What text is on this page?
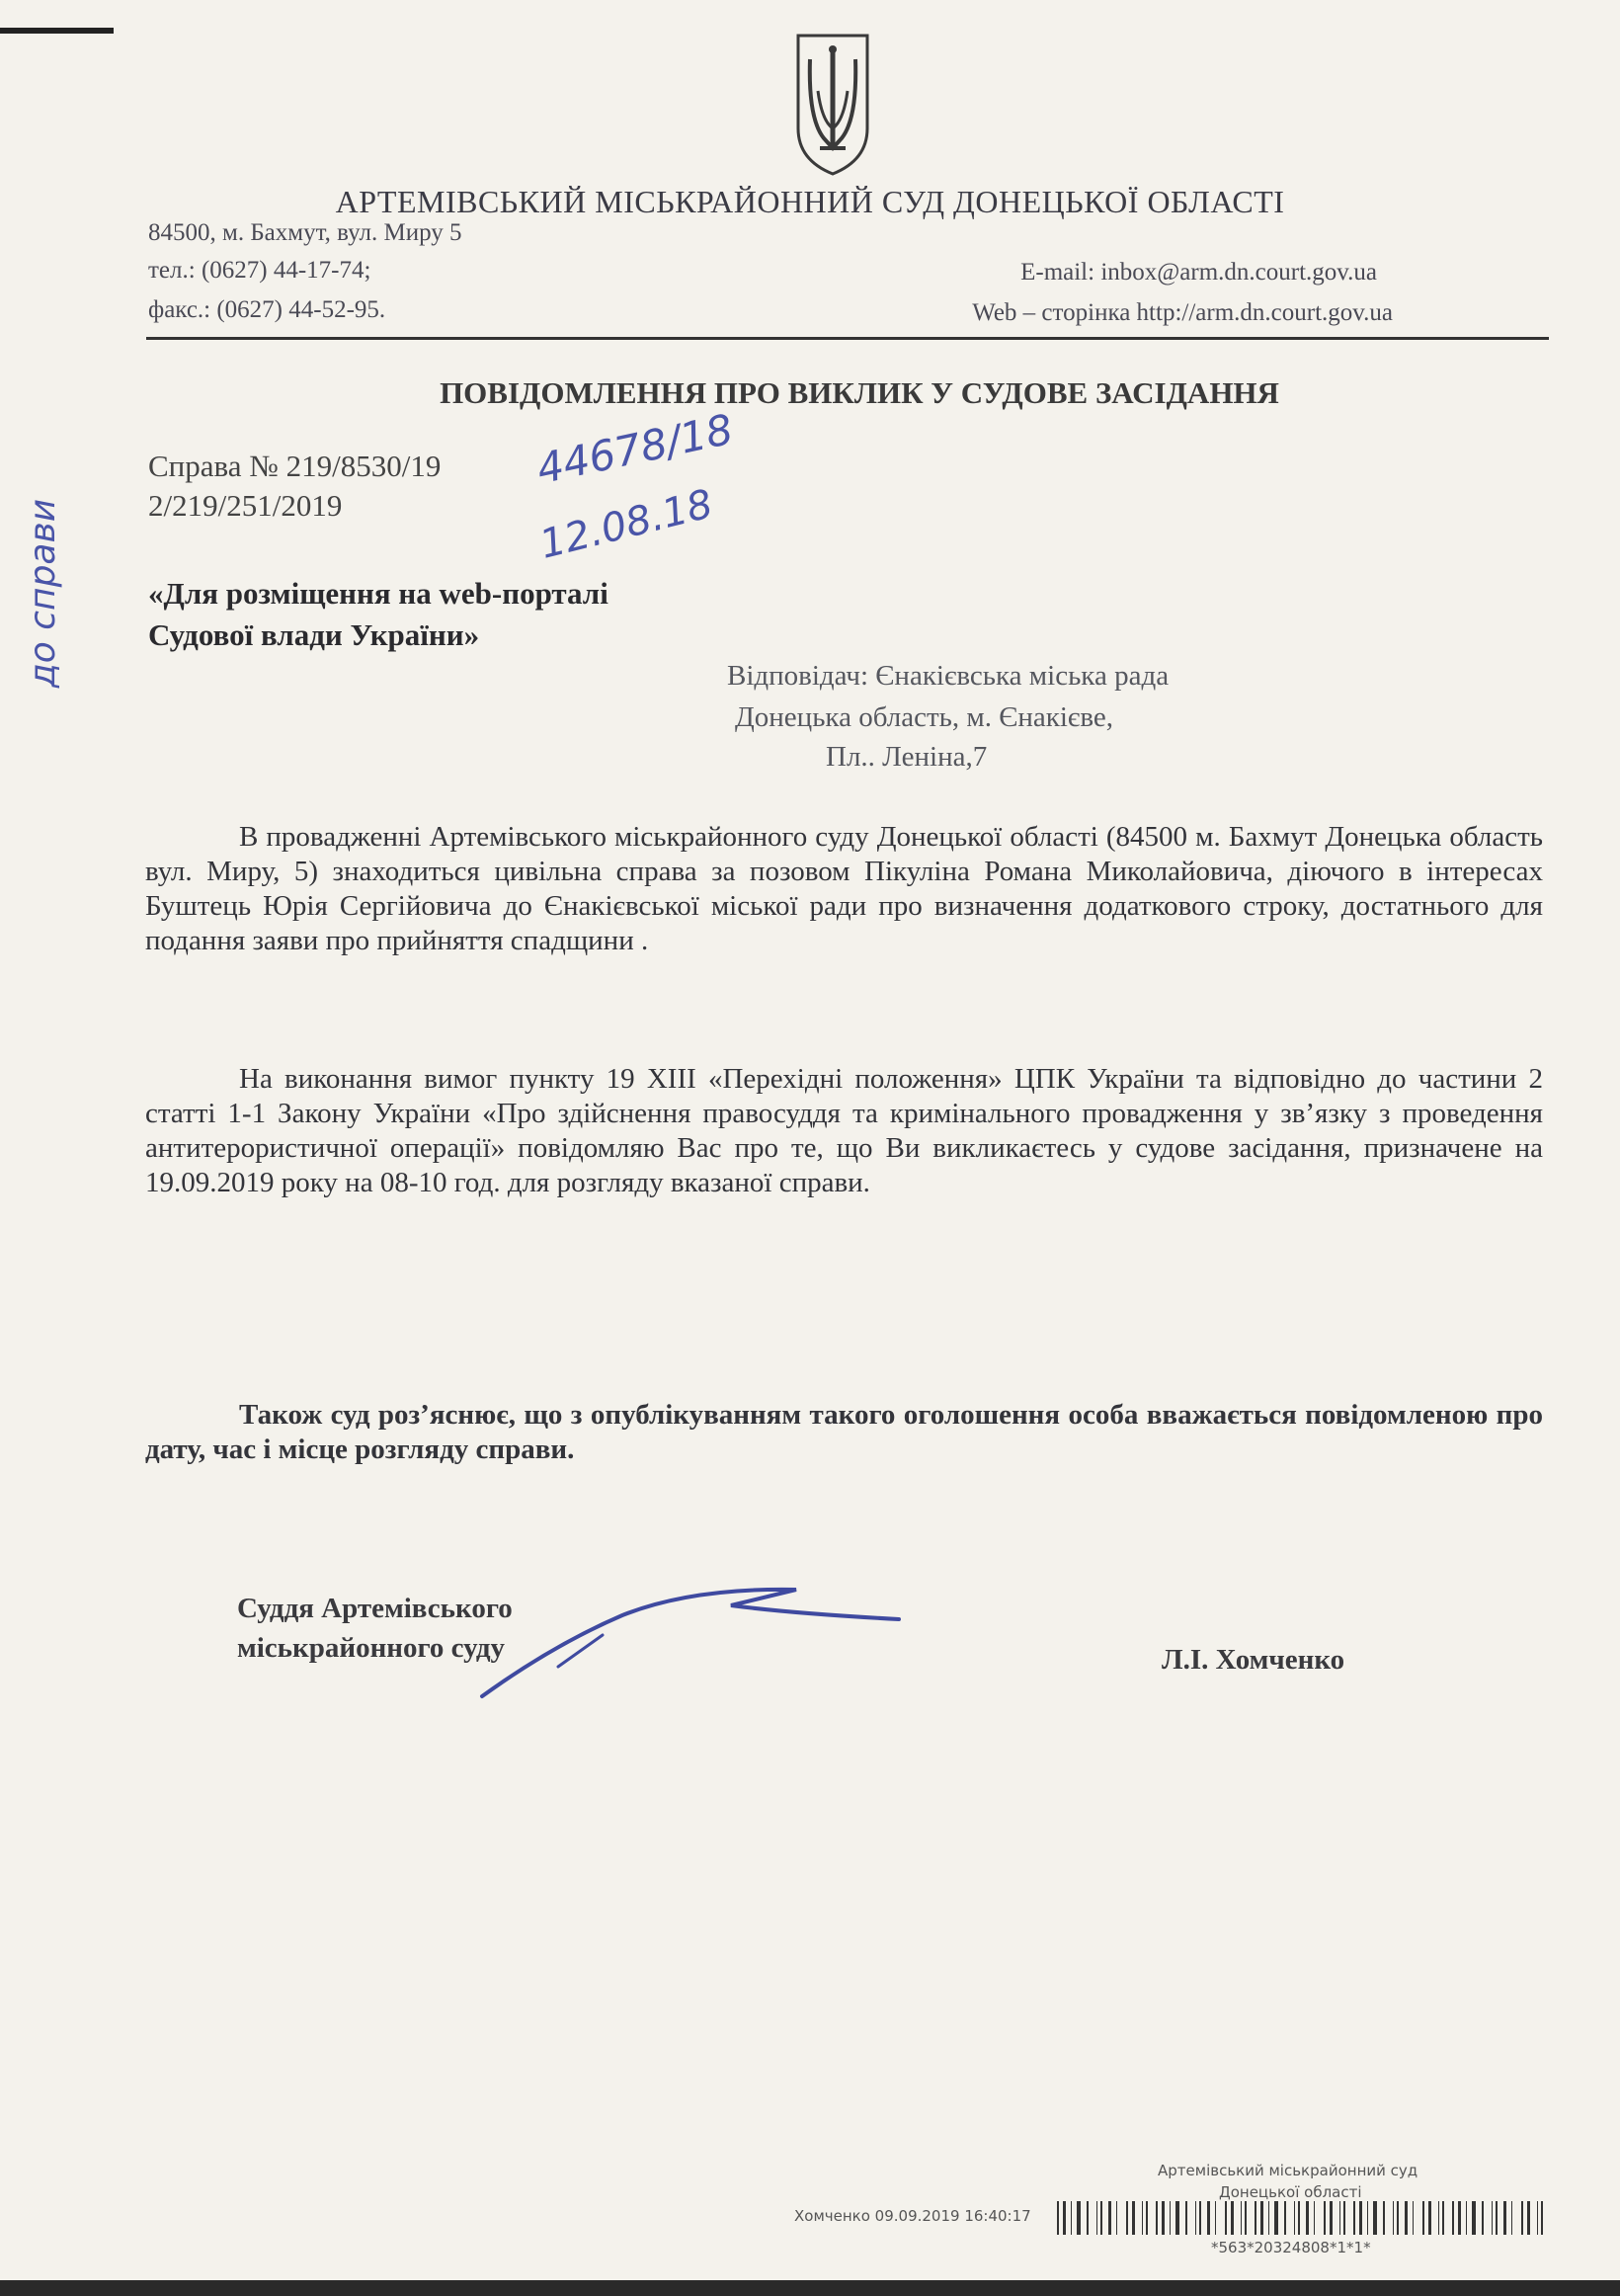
АРТЕМІВСЬКИЙ МІСЬКРАЙОННИЙ СУД ДОНЕЦЬКОЇ ОБЛАСТІ
84500, м. Бахмут, вул. Миру 5
тел.: (0627) 44-17-74;
факс.: (0627) 44-52-95.
E-mail: inbox@arm.dn.court.gov.ua
Web – сторінка http://arm.dn.court.gov.ua
ПОВІДОМЛЕННЯ ПРО ВИКЛИК У СУДОВЕ ЗАСІДАННЯ
Справа № 219/8530/19
2/219/251/2019
44678/18
12.08.18
до справи	«Для розміщення на web-порталі
Судової влади України»
Відповідач: Єнакієвська міська рада
Донецька область, м. Єнакієве,
Пл.. Леніна,7
В провадженні Артемівського міськрайонного суду Донецької області (84500 м. Бахмут Донецька область вул. Миру, 5) знаходиться цивільна справа за позовом Пікуліна Романа Миколайовича, діючого в інтересах Буштець Юрія Сергійовича до Єнакієвської міської ради про визначення додаткового строку, достатнього для подання заяви про прийняття спадщини .
На виконання вимог пункту 19 ХІІІ «Перехідні положення» ЦПК України та відповідно до частини 2 статті 1-1 Закону України «Про здійснення правосуддя та кримінального провадження у зв’язку з проведення антитерористичної операції» повідомляю Вас про те, що Ви викликаєтесь у судове засідання, призначене на 19.09.2019 року на 08-10 год. для розгляду вказаної справи.
Також суд роз’яснює, що з опублікуванням такого оголошення особа вважається повідомленою про дату, час і місце розгляду справи.
Суддя Артемівського
міськрайонного суду	Л.І. Хомченко
Артемівський міськрайонний суд
Донецької області
Хомченко 09.09.2019 16:40:17
*563*20324808*1*1*
